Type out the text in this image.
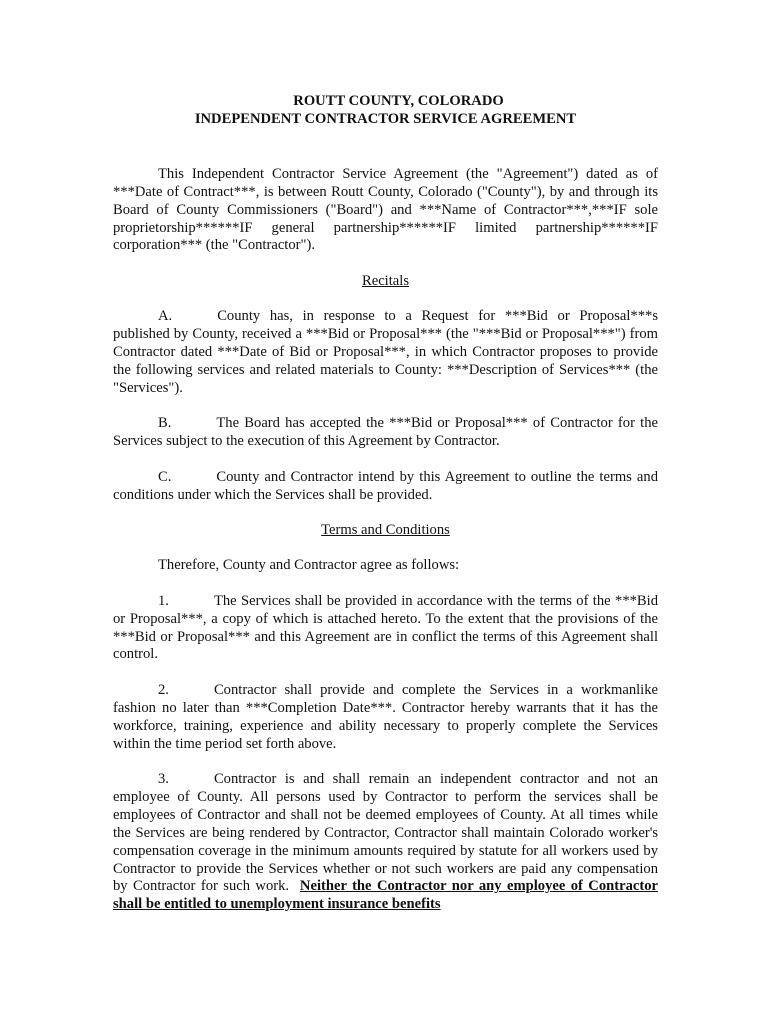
ROUTT COUNTY, COLORADO
INDEPENDENT CONTRACTOR SERVICE AGREEMENT

This Independent Contractor Service Agreement (the "Agreement") dated as of ***Date of Contract***, is between Routt County, Colorado ("County"), by and through its Board of County Commissioners ("Board") and ***Name of Contractor***,***IF sole proprietorship******IF general partnership******IF limited partnership******IF corporation*** (the "Contractor").

Recitals

A.	County has, in response to a Request for ***Bid or Proposal***s published by County, received a ***Bid or Proposal*** (the "***Bid or Proposal***") from Contractor dated ***Date of Bid or Proposal***, in which Contractor proposes to provide the following services and related materials to County: ***Description of Services*** (the "Services").

B.	The Board has accepted the ***Bid or Proposal*** of Contractor for the Services subject to the execution of this Agreement by Contractor.

C.	County and Contractor intend by this Agreement to outline the terms and conditions under which the Services shall be provided.

Terms and Conditions

Therefore, County and Contractor agree as follows:

1.	The Services shall be provided in accordance with the terms of the ***Bid or Proposal***, a copy of which is attached hereto. To the extent that the provisions of the ***Bid or Proposal*** and this Agreement are in conflict the terms of this Agreement shall control.

2.	Contractor shall provide and complete the Services in a workmanlike fashion no later than ***Completion Date***. Contractor hereby warrants that it has the workforce, training, experience and ability necessary to properly complete the Services within the time period set forth above.

3.	Contractor is and shall remain an independent contractor and not an employee of County. All persons used by Contractor to perform the services shall be employees of Contractor and shall not be deemed employees of County. At all times while the Services are being rendered by Contractor, Contractor shall maintain Colorado worker's compensation coverage in the minimum amounts required by statute for all workers used by Contractor to provide the Services whether or not such workers are paid any compensation by Contractor for such work. Neither the Contractor nor any employee of Contractor shall be entitled to unemployment insurance benefits
